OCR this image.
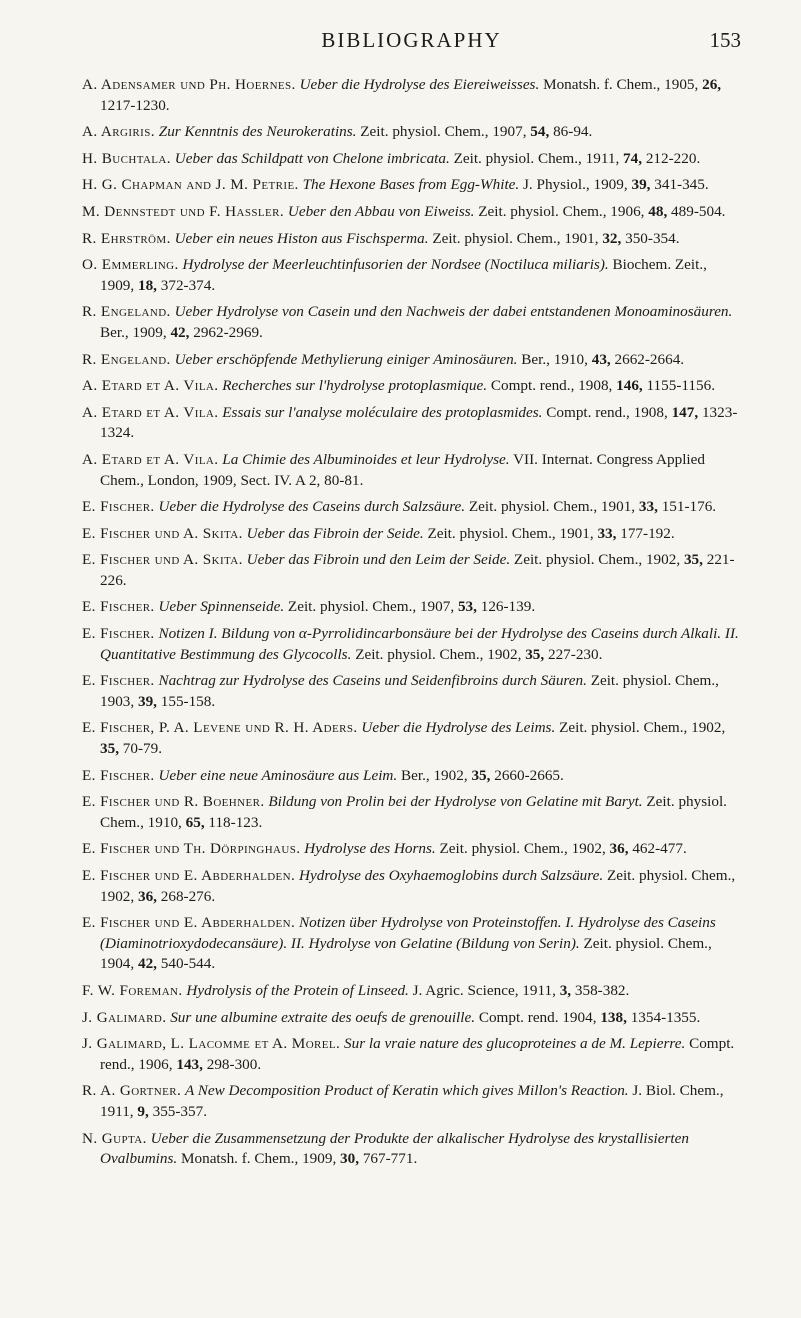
BIBLIOGRAPHY	153

A. Adensamer und Ph. Hoernes. Ueber die Hydrolyse des Eiereiweisses. Monatsh. f. Chem., 1905, 26, 1217-1230.

A. Argiris. Zur Kenntnis des Neurokeratins. Zeit. physiol. Chem., 1907, 54, 86-94.

H. Buchtala. Ueber das Schildpatt von Chelone imbricata. Zeit. physiol. Chem., 1911, 74, 212-220.

H. G. Chapman and J. M. Petrie. The Hexone Bases from Egg-White. J. Physiol., 1909, 39, 341-345.

M. Dennstedt und F. Hassler. Ueber den Abbau von Eiweiss. Zeit. physiol. Chem., 1906, 48, 489-504.

R. Ehrström. Ueber ein neues Histon aus Fischsperma. Zeit. physiol. Chem., 1901, 32, 350-354.

O. Emmerling. Hydrolyse der Meerleuchtinfusorien der Nordsee (Noctiluca miliaris). Biochem. Zeit., 1909, 18, 372-374.

R. Engeland. Ueber Hydrolyse von Casein und den Nachweis der dabei entstandenen Monoaminosäuren. Ber., 1909, 42, 2962-2969.

R. Engeland. Ueber erschöpfende Methylierung einiger Aminosäuren. Ber., 1910, 43, 2662-2664.

A. Etard et A. Vila. Recherches sur l'hydrolyse protoplasmique. Compt. rend., 1908, 146, 1155-1156.

A. Etard et A. Vila. Essais sur l'analyse moléculaire des protoplasmides. Compt. rend., 1908, 147, 1323-1324.

A. Etard et A. Vila. La Chimie des Albuminoides et leur Hydrolyse. VII. Internat. Congress Applied Chem., London, 1909, Sect. IV. A 2, 80-81.

E. Fischer. Ueber die Hydrolyse des Caseins durch Salzsäure. Zeit. physiol. Chem., 1901, 33, 151-176.

E. Fischer und A. Skita. Ueber das Fibroin der Seide. Zeit. physiol. Chem., 1901, 33, 177-192.

E. Fischer und A. Skita. Ueber das Fibroin und den Leim der Seide. Zeit. physiol. Chem., 1902, 35, 221-226.

E. Fischer. Ueber Spinnenseide. Zeit. physiol. Chem., 1907, 53, 126-139.

E. Fischer. Notizen I. Bildung von α-Pyrrolidincarbonsäure bei der Hydrolyse des Caseins durch Alkali. II. Quantitative Bestimmung des Glycocolls. Zeit. physiol. Chem., 1902, 35, 227-230.

E. Fischer. Nachtrag zur Hydrolyse des Caseins und Seidenfibroins durch Säuren. Zeit. physiol. Chem., 1903, 39, 155-158.

E. Fischer, P. A. Levene und R. H. Aders. Ueber die Hydrolyse des Leims. Zeit. physiol. Chem., 1902, 35, 70-79.

E. Fischer. Ueber eine neue Aminosäure aus Leim. Ber., 1902, 35, 2660-2665.

E. Fischer und R. Boehner. Bildung von Prolin bei der Hydrolyse von Gelatine mit Baryt. Zeit. physiol. Chem., 1910, 65, 118-123.

E. Fischer und Th. Dörpinghaus. Hydrolyse des Horns. Zeit. physiol. Chem., 1902, 36, 462-477.

E. Fischer und E. Abderhalden. Hydrolyse des Oxyhaemoglobins durch Salzsäure. Zeit. physiol. Chem., 1902, 36, 268-276.

E. Fischer und E. Abderhalden. Notizen über Hydrolyse von Proteinstoffen. I. Hydrolyse des Caseins (Diaminotrioxydodecansäure). II. Hydrolyse von Gelatine (Bildung von Serin). Zeit. physiol. Chem., 1904, 42, 540-544.

F. W. Foreman. Hydrolysis of the Protein of Linseed. J. Agric. Science, 1911, 3, 358-382.

J. Galimard. Sur une albumine extraite des oeufs de grenouille. Compt. rend. 1904, 138, 1354-1355.

J. Galimard, L. Lacomme et A. Morel. Sur la vraie nature des glucoproteines a de M. Lepierre. Compt. rend., 1906, 143, 298-300.

R. A. Gortner. A New Decomposition Product of Keratin which gives Millon's Reaction. J. Biol. Chem., 1911, 9, 355-357.

N. Gupta. Ueber die Zusammensetzung der Produkte der alkalischer Hydrolyse des krystallisierten Ovalbumins. Monatsh. f. Chem., 1909, 30, 767-771.
